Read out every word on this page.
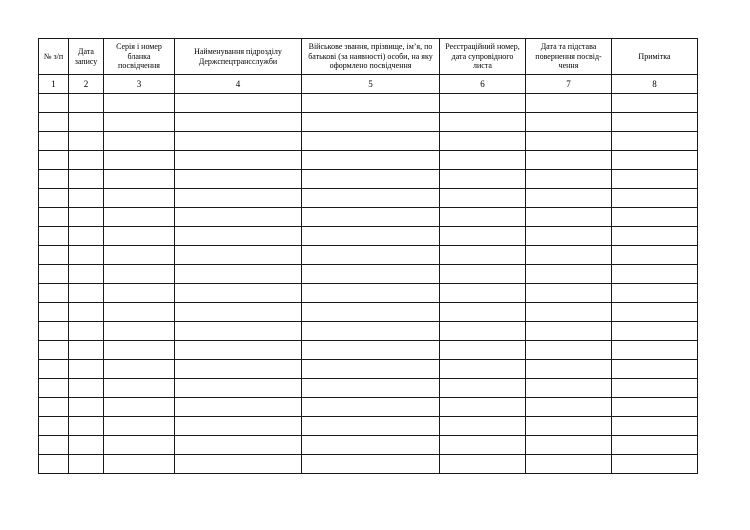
№ з/п	Дата запису	Серія і номер бланка посвідчення	Найменування підрозділу Держспецтрансслужби	Військове звання, прізвище, ім’я, по батькові (за наявності) особи, на яку оформлено посвідчення	Реєстраційний номер, дата супровідного листа	Дата та підстава повернення посвід-чення	Примітка
1	2	3	4	5	6	7	8
